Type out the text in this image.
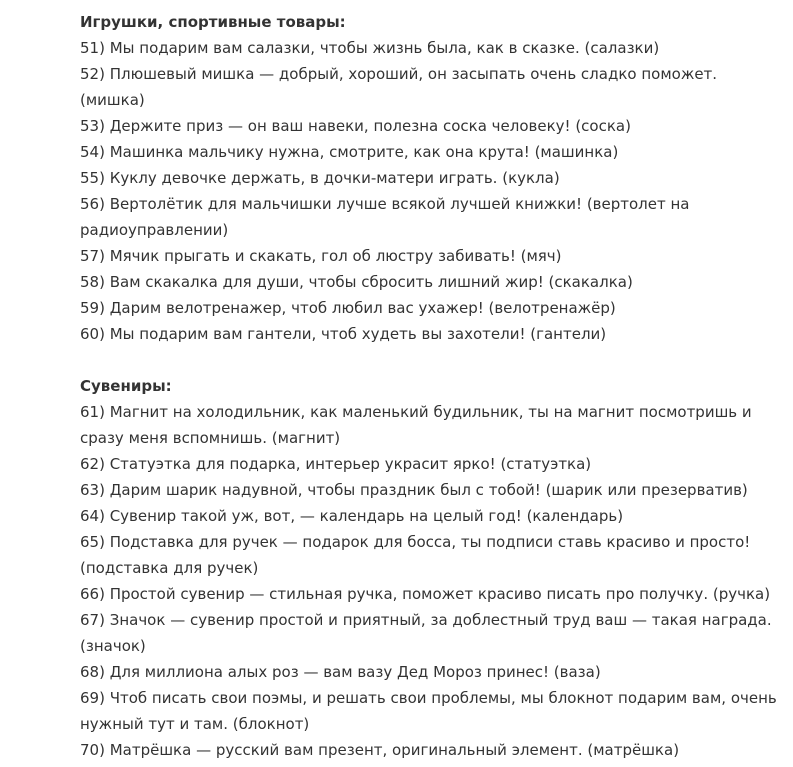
Игрушки, спортивные товары:
51) Мы подарим вам салазки, чтобы жизнь была, как в сказке. (салазки)
52) Плюшевый мишка — добрый, хороший, он засыпать очень сладко поможет. (мишка)
53) Держите приз — он ваш навеки, полезна соска человеку! (соска)
54) Машинка мальчику нужна, смотрите, как она крута! (машинка)
55) Куклу девочке держать, в дочки-матери играть. (кукла)
56) Вертолётик для мальчишки лучше всякой лучшей книжки! (вертолет на радиоуправлении)
57) Мячик прыгать и скакать, гол об люстру забивать! (мяч)
58) Вам скакалка для души, чтобы сбросить лишний жир! (скакалка)
59) Дарим велотренажер, чтоб любил вас ухажер! (велотренажёр)
60) Мы подарим вам гантели, чтоб худеть вы захотели! (гантели)
Сувениры:
61) Магнит на холодильник, как маленький будильник, ты на магнит посмотришь и сразу меня вспомнишь. (магнит)
62) Статуэтка для подарка, интерьер украсит ярко! (статуэтка)
63) Дарим шарик надувной, чтобы праздник был с тобой! (шарик или презерватив)
64) Сувенир такой уж, вот, — календарь на целый год! (календарь)
65) Подставка для ручек — подарок для босса, ты подписи ставь красиво и просто! (подставка для ручек)
66) Простой сувенир — стильная ручка, поможет красиво писать про получку. (ручка)
67) Значок — сувенир простой и приятный, за доблестный труд ваш — такая награда. (значок)
68) Для миллиона алых роз — вам вазу Дед Мороз принес! (ваза)
69) Чтоб писать свои поэмы, и решать свои проблемы, мы блокнот подарим вам, очень нужный тут и там. (блокнот)
70) Матрёшка — русский вам презент, оригинальный элемент. (матрёшка)
